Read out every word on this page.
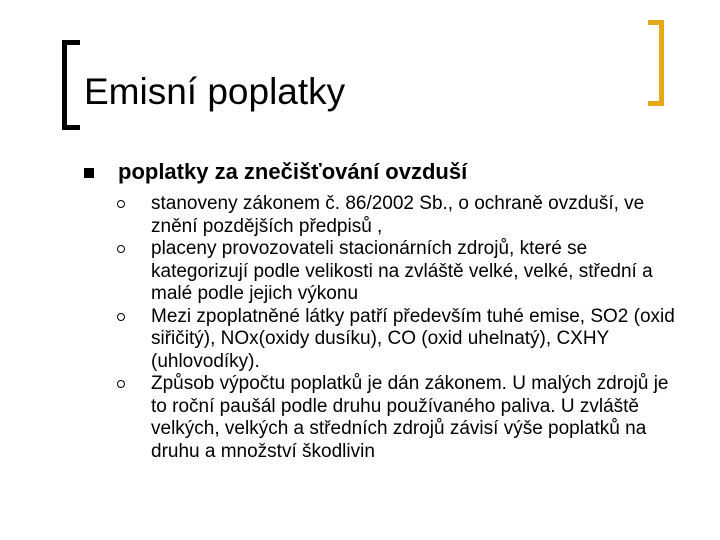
Emisní poplatky
poplatky za znečišťování ovzduší
stanoveny zákonem č. 86/2002 Sb., o ochraně ovzduší, ve znění pozdějších předpisů ,
placeny provozovateli stacionárních zdrojů, které se kategorizují podle velikosti na zvláště velké, velké, střední a malé podle jejich výkonu
Mezi zpoplatněné látky patří především tuhé emise, SO2 (oxid siřičitý), NOx(oxidy dusíku), CO (oxid uhelnatý), CXHY (uhlovodíky).
Způsob výpočtu poplatků je dán zákonem. U malých zdrojů je to roční paušál podle druhu používaného paliva. U zvláště velkých, velkých a středních zdrojů závisí výše poplatků na druhu a množství škodlivin
